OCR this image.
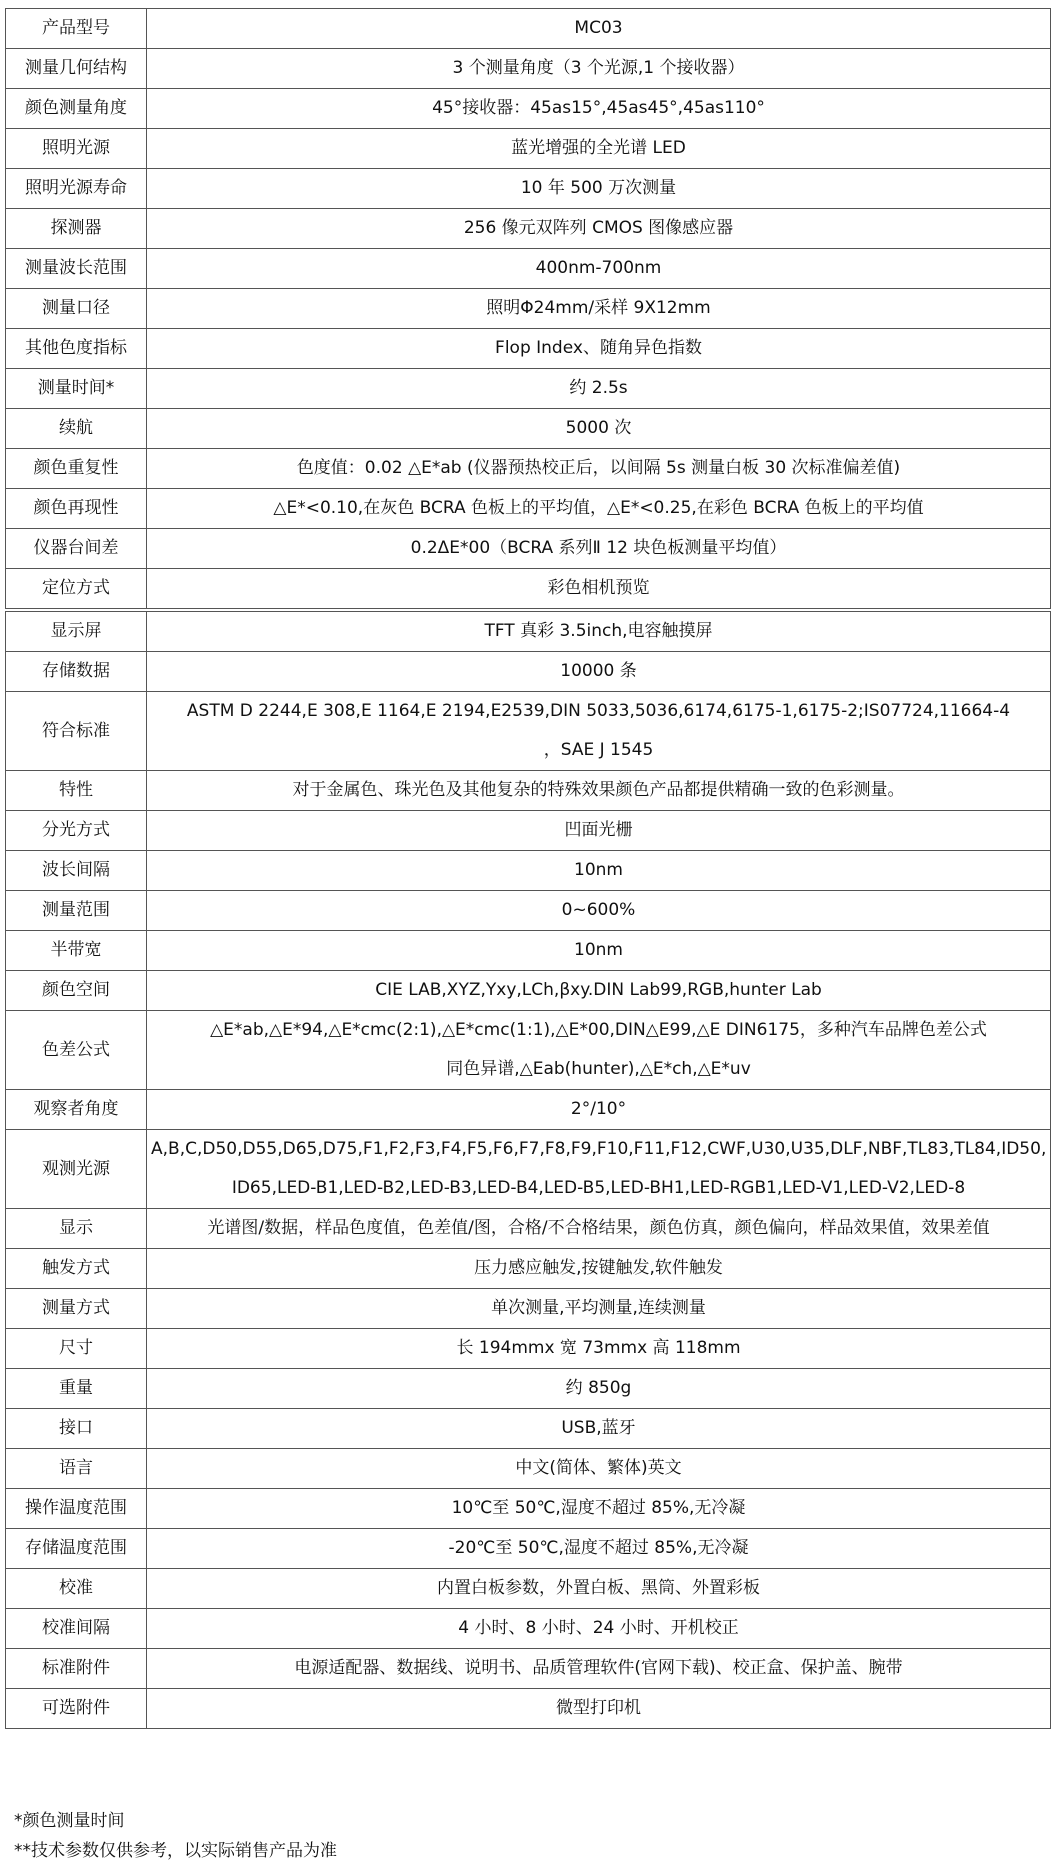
产品型号	MC03

测量几何结构	3 个测量角度（3 个光源,1 个接收器）

颜色测量角度	45°接收器：45as15°,45as45°,45as110°

照明光源	蓝光增强的全光谱 LED

照明光源寿命	10 年 500 万次测量

探测器	256 像元双阵列 CMOS 图像感应器

测量波长范围	400nm-700nm

测量口径	照明Φ24mm/采样 9X12mm

其他色度指标	Flop Index、随角异色指数

测量时间*	约 2.5s

续航	5000 次

颜色重复性	色度值：0.02 △E*ab (仪器预热校正后，以间隔 5s 测量白板 30 次标准偏差值)

颜色再现性	△E*<0.10,在灰色 BCRA 色板上的平均值，△E*<0.25,在彩色 BCRA 色板上的平均值

仪器台间差	0.2ΔE*00（BCRA 系列Ⅱ 12 块色板测量平均值）

定位方式	彩色相机预览

显示屏	TFT 真彩 3.5inch,电容触摸屏

存储数据	10000 条

符合标准	ASTM D 2244,E 308,E 1164,E 2194,E2539,DIN 5033,5036,6174,6175-1,6175-2;IS07724,11664-4
，SAE J 1545

特性	对于金属色、珠光色及其他复杂的特殊效果颜色产品都提供精确一致的色彩测量。

分光方式	凹面光栅

波长间隔	10nm

测量范围	0~600%

半带宽	10nm

颜色空间	CIE LAB,XYZ,Yxy,LCh,βxy.DIN Lab99,RGB,hunter Lab

色差公式	△E*ab,△E*94,△E*cmc(2:1),△E*cmc(1:1),△E*00,DIN△E99,△E DIN6175，多种汽车品牌色差公式
同色异谱,△Eab(hunter),△E*ch,△E*uv

观察者角度	2°/10°

观测光源	A,B,C,D50,D55,D65,D75,F1,F2,F3,F4,F5,F6,F7,F8,F9,F10,F11,F12,CWF,U30,U35,DLF,NBF,TL83,TL84,ID50,
ID65,LED-B1,LED-B2,LED-B3,LED-B4,LED-B5,LED-BH1,LED-RGB1,LED-V1,LED-V2,LED-8

显示	光谱图/数据，样品色度值，色差值/图，合格/不合格结果，颜色仿真，颜色偏向，样品效果值，效果差值

触发方式	压力感应触发,按键触发,软件触发

测量方式	单次测量,平均测量,连续测量

尺寸	长 194mmx 宽 73mmx 高 118mm

重量	约 850g

接口	USB,蓝牙

语言	中文(简体、繁体)英文

操作温度范围	10℃至 50℃,湿度不超过 85%,无冷凝

存储温度范围	-20℃至 50℃,湿度不超过 85%,无冷凝

校准	内置白板参数，外置白板、黑筒、外置彩板

校准间隔	4 小时、8 小时、24 小时、开机校正

标准附件	电源适配器、数据线、说明书、品质管理软件(官网下载)、校正盒、保护盖、腕带

可选附件	微型打印机
*颜色测量时间
**技术参数仅供参考，以实际销售产品为准
